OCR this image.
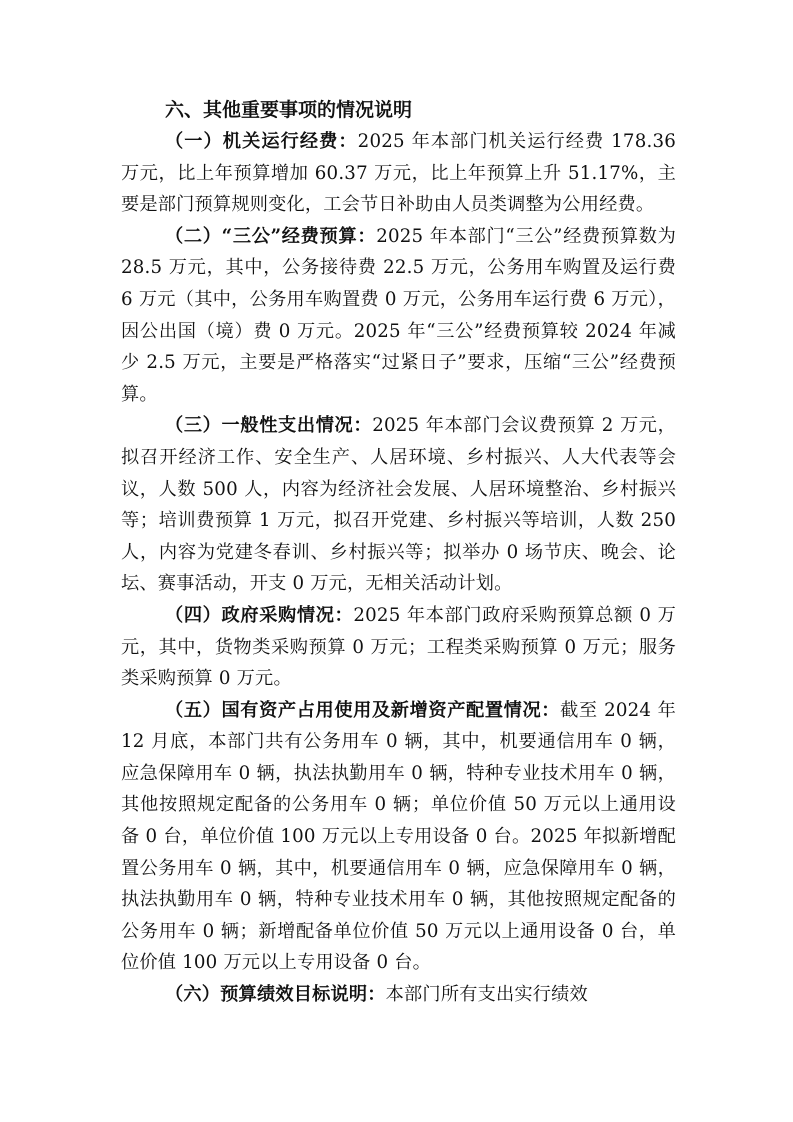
六、其他重要事项的情况说明

（一）机关运行经费：2025 年本部门机关运行经费 178.36 万元，比上年预算增加 60.37 万元，比上年预算上升 51.17%，主要是部门预算规则变化，工会节日补助由人员类调整为公用经费。

（二）“三公”经费预算：2025 年本部门“三公”经费预算数为 28.5 万元，其中，公务接待费 22.5 万元，公务用车购置及运行费 6 万元（其中，公务用车购置费 0 万元，公务用车运行费 6 万元），因公出国（境）费 0 万元。2025 年“三公”经费预算较 2024 年减少 2.5 万元，主要是严格落实“过紧日子”要求，压缩“三公”经费预算。

（三）一般性支出情况：2025 年本部门会议费预算 2 万元，拟召开经济工作、安全生产、人居环境、乡村振兴、人大代表等会议，人数 500 人，内容为经济社会发展、人居环境整治、乡村振兴等；培训费预算 1 万元，拟召开党建、乡村振兴等培训，人数 250 人，内容为党建冬春训、乡村振兴等；拟举办 0 场节庆、晚会、论坛、赛事活动，开支 0 万元，无相关活动计划。

（四）政府采购情况：2025 年本部门政府采购预算总额 0 万元，其中，货物类采购预算 0 万元；工程类采购预算 0 万元；服务类采购预算 0 万元。

（五）国有资产占用使用及新增资产配置情况：截至 2024 年 12 月底，本部门共有公务用车 0 辆，其中，机要通信用车 0 辆，应急保障用车 0 辆，执法执勤用车 0 辆，特种专业技术用车 0 辆，其他按照规定配备的公务用车 0 辆；单位价值 50 万元以上通用设备 0 台，单位价值 100 万元以上专用设备 0 台。2025 年拟新增配置公务用车 0 辆，其中，机要通信用车 0 辆，应急保障用车 0 辆，执法执勤用车 0 辆，特种专业技术用车 0 辆，其他按照规定配备的公务用车 0 辆；新增配备单位价值 50 万元以上通用设备 0 台，单位价值 100 万元以上专用设备 0 台。

（六）预算绩效目标说明：本部门所有支出实行绩效
